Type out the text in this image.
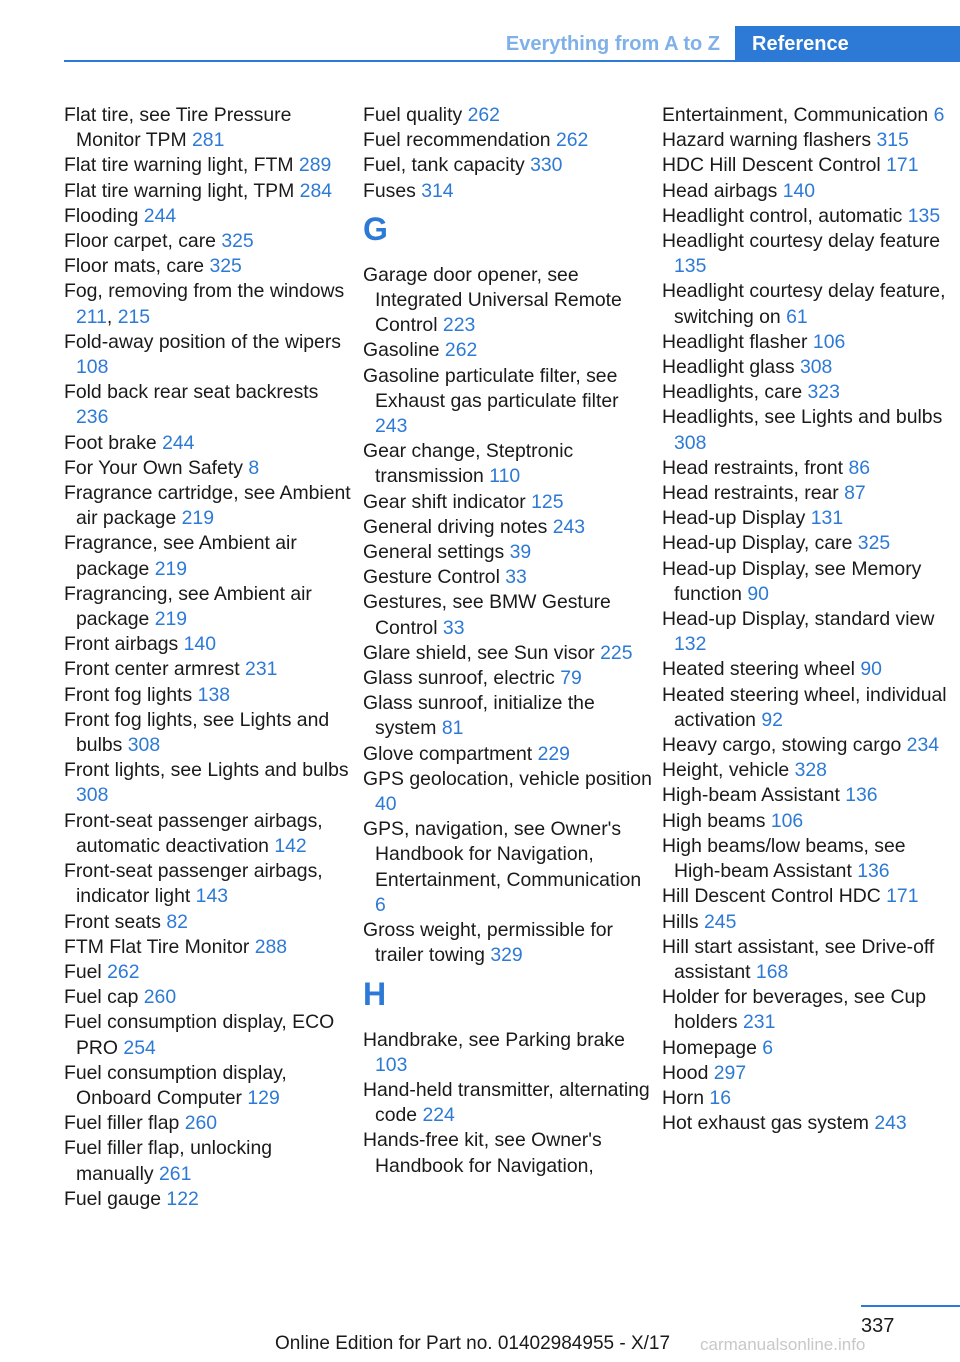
Everything from A to Z	Reference

Flat tire, see Tire Pressure Monitor TPM 281

Flat tire warning light, FTM 289

Flat tire warning light, TPM 284

Flooding 244

Floor carpet, care 325

Floor mats, care 325

Fog, removing from the windows 211, 215

Fold-away position of the wipers 108

Fold back rear seat backrests 236

Foot brake 244

For Your Own Safety 8

Fragrance cartridge, see Ambient air package 219

Fragrance, see Ambient air package 219

Fragrancing, see Ambient air package 219

Front airbags 140

Front center armrest 231

Front fog lights 138

Front fog lights, see Lights and bulbs 308

Front lights, see Lights and bulbs 308

Front-seat passenger airbags, automatic deactivation 142

Front-seat passenger airbags, indicator light 143

Front seats 82

FTM Flat Tire Monitor 288

Fuel 262

Fuel cap 260

Fuel consumption display, ECO PRO 254

Fuel consumption display, Onboard Computer 129

Fuel filler flap 260

Fuel filler flap, unlocking manually 261

Fuel gauge 122

Fuel quality 262

Fuel recommendation 262

Fuel, tank capacity 330

Fuses 314

G

Garage door opener, see Integrated Universal Remote Control 223

Gasoline 262

Gasoline particulate filter, see Exhaust gas particulate filter 243

Gear change, Steptronic transmission 110

Gear shift indicator 125

General driving notes 243

General settings 39

Gesture Control 33

Gestures, see BMW Gesture Control 33

Glare shield, see Sun visor 225

Glass sunroof, electric 79

Glass sunroof, initialize the system 81

Glove compartment 229

GPS geolocation, vehicle position 40

GPS, navigation, see Owner's Handbook for Navigation, Entertainment, Communication 6

Gross weight, permissible for trailer towing 329

H

Handbrake, see Parking brake 103

Hand-held transmitter, alternating code 224

Hands-free kit, see Owner's Handbook for Navigation,

Entertainment, Communication 6

Hazard warning flashers 315

HDC Hill Descent Control 171

Head airbags 140

Headlight control, automatic 135

Headlight courtesy delay feature 135

Headlight courtesy delay feature, switching on 61

Headlight flasher 106

Headlight glass 308

Headlights, care 323

Headlights, see Lights and bulbs 308

Head restraints, front 86

Head restraints, rear 87

Head-up Display 131

Head-up Display, care 325

Head-up Display, see Memory function 90

Head-up Display, standard view 132

Heated steering wheel 90

Heated steering wheel, individual activation 92

Heavy cargo, stowing cargo 234

Height, vehicle 328

High-beam Assistant 136

High beams 106

High beams/low beams, see High-beam Assistant 136

Hill Descent Control HDC 171

Hills 245

Hill start assistant, see Drive-off assistant 168

Holder for beverages, see Cup holders 231

Homepage 6

Hood 297

Horn 16

Hot exhaust gas system 243

337
Online Edition for Part no. 01402984955 - X/17	carmanualsonline.info
